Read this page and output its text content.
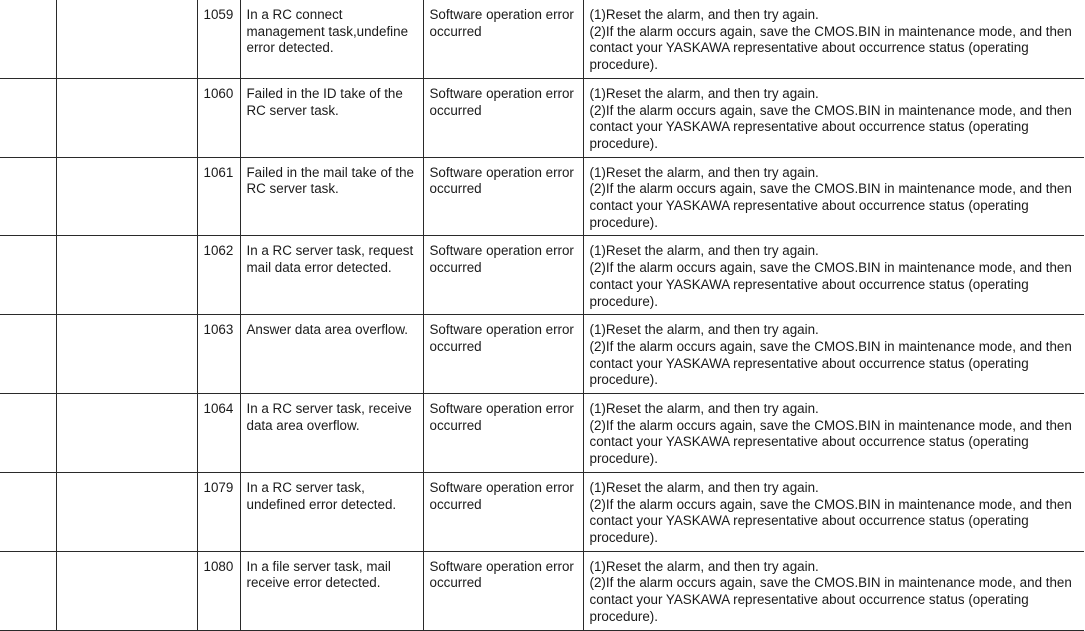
		1059	In a RC connect management task,undefine error detected.	Software operation error occurred	(1)Reset the alarm, and then try again.
(2)If the alarm occurs again, save the CMOS.BIN in maintenance mode, and then contact your YASKAWA representative about occurrence status (operating procedure).

		1060	Failed in the ID take of the RC server task.	Software operation error occurred	(1)Reset the alarm, and then try again.
(2)If the alarm occurs again, save the CMOS.BIN in maintenance mode, and then contact your YASKAWA representative about occurrence status (operating procedure).

		1061	Failed in the mail take of the RC server task.	Software operation error occurred	(1)Reset the alarm, and then try again.
(2)If the alarm occurs again, save the CMOS.BIN in maintenance mode, and then contact your YASKAWA representative about occurrence status (operating procedure).

		1062	In a RC server task, request mail data error detected.	Software operation error occurred	(1)Reset the alarm, and then try again.
(2)If the alarm occurs again, save the CMOS.BIN in maintenance mode, and then contact your YASKAWA representative about occurrence status (operating procedure).

		1063	Answer data area overflow.	Software operation error occurred	(1)Reset the alarm, and then try again.
(2)If the alarm occurs again, save the CMOS.BIN in maintenance mode, and then contact your YASKAWA representative about occurrence status (operating procedure).

		1064	In a RC server task, receive data area overflow.	Software operation error occurred	(1)Reset the alarm, and then try again.
(2)If the alarm occurs again, save the CMOS.BIN in maintenance mode, and then contact your YASKAWA representative about occurrence status (operating procedure).

		1079	In a RC server task, undefined error detected.	Software operation error occurred	(1)Reset the alarm, and then try again.
(2)If the alarm occurs again, save the CMOS.BIN in maintenance mode, and then contact your YASKAWA representative about occurrence status (operating procedure).

		1080	In a file server task, mail receive error detected.	Software operation error occurred	(1)Reset the alarm, and then try again.
(2)If the alarm occurs again, save the CMOS.BIN in maintenance mode, and then contact your YASKAWA representative about occurrence status (operating procedure).
